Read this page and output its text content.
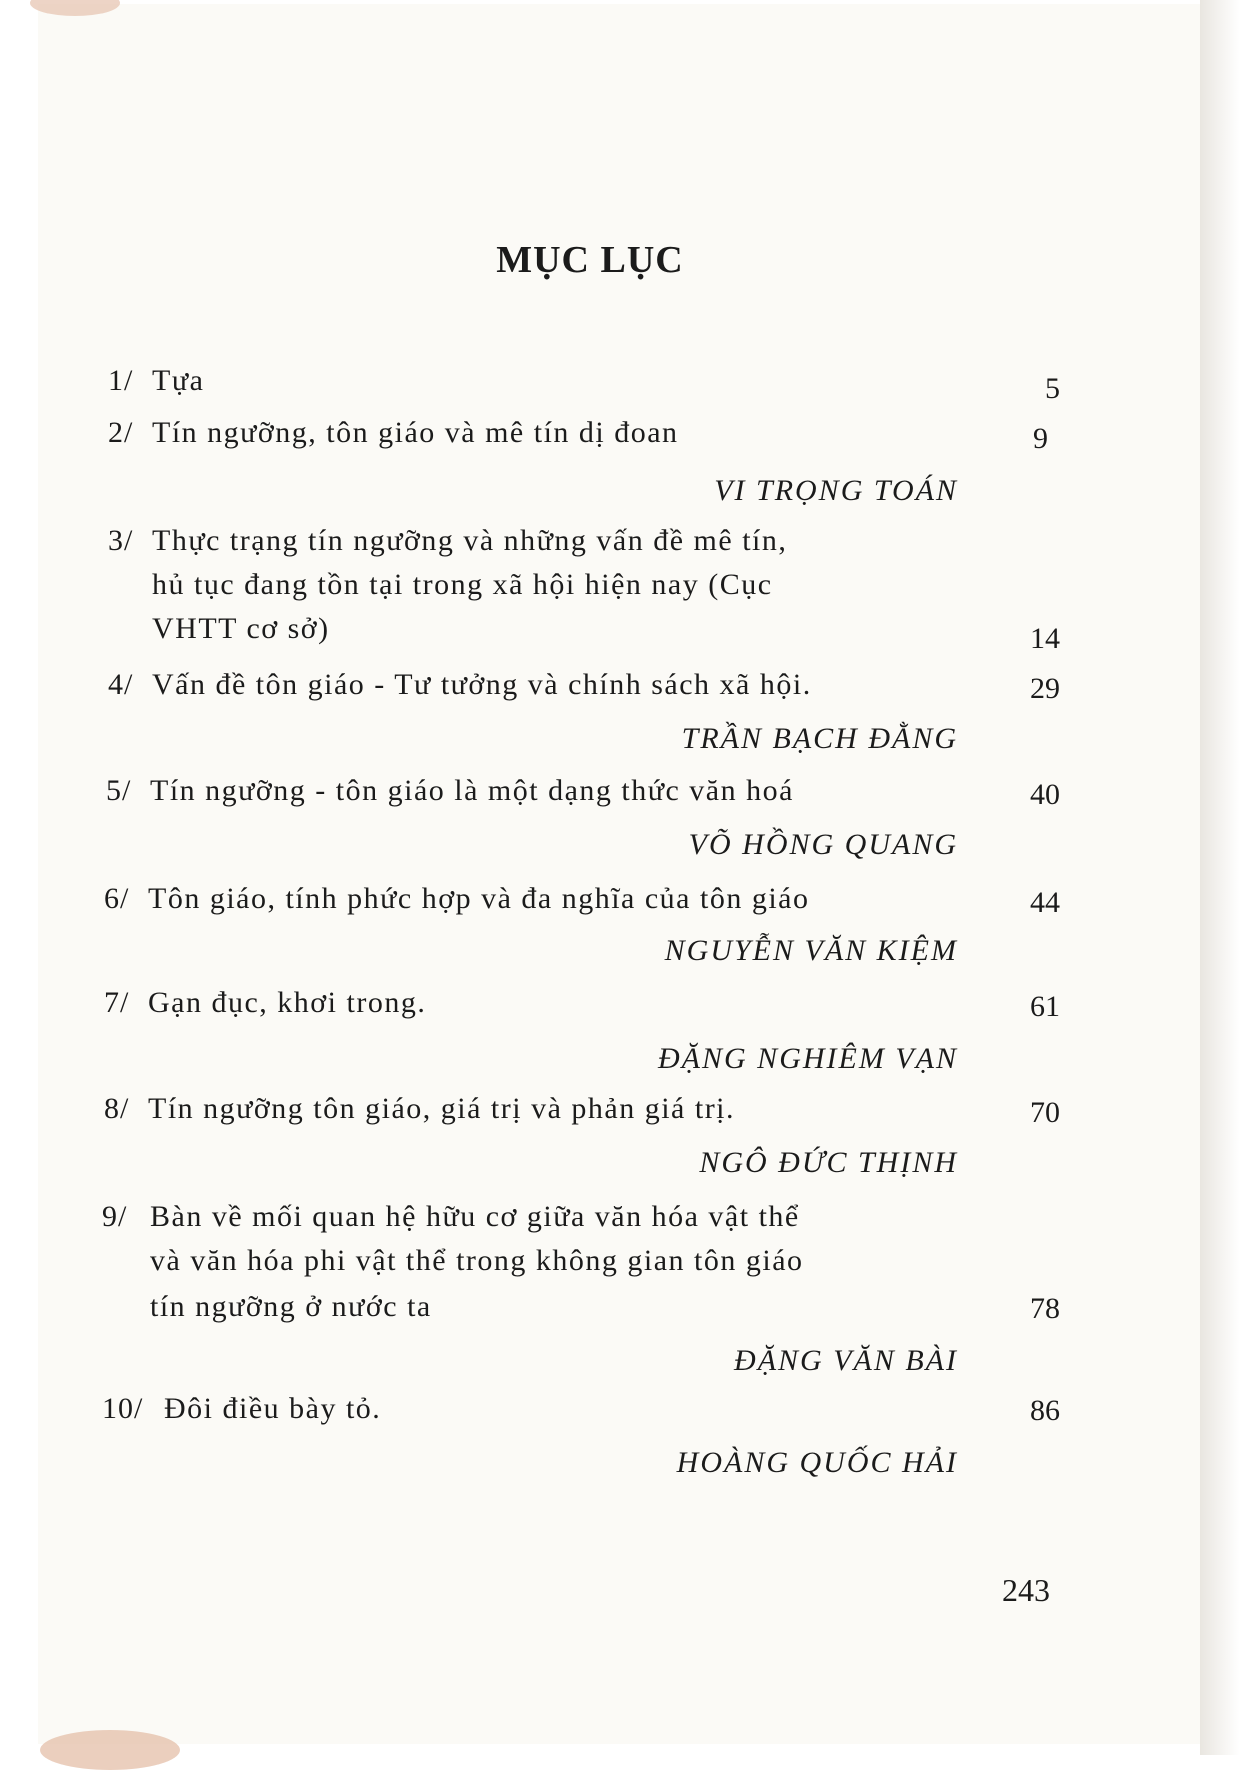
MỤC LỤC
1/ Tựa	5
2/ Tín ngưỡng, tôn giáo và mê tín dị đoan	9
VI TRỌNG TOÁN
3/ Thực trạng tín ngưỡng và những vấn đề mê tín,
hủ tục đang tồn tại trong xã hội hiện nay (Cục
VHTT cơ sở)	14
4/ Vấn đề tôn giáo - Tư tưởng và chính sách xã hội.	29
TRẦN BẠCH ĐẰNG
5/ Tín ngưỡng - tôn giáo là một dạng thức văn hoá	40
VÕ HỒNG QUANG
6/ Tôn giáo, tính phức hợp và đa nghĩa của tôn giáo	44
NGUYỄN VĂN KIỆM
7/ Gạn đục, khơi trong.	61
ĐẶNG NGHIÊM VẠN
8/ Tín ngưỡng tôn giáo, giá trị và phản giá trị.	70
NGÔ ĐỨC THỊNH
9/ Bàn về mối quan hệ hữu cơ giữa văn hóa vật thể
và văn hóa phi vật thể trong không gian tôn giáo
tín ngưỡng ở nước ta	78
ĐẶNG VĂN BÀI
10/ Đôi điều bày tỏ.	86
HOÀNG QUỐC HẢI
243
